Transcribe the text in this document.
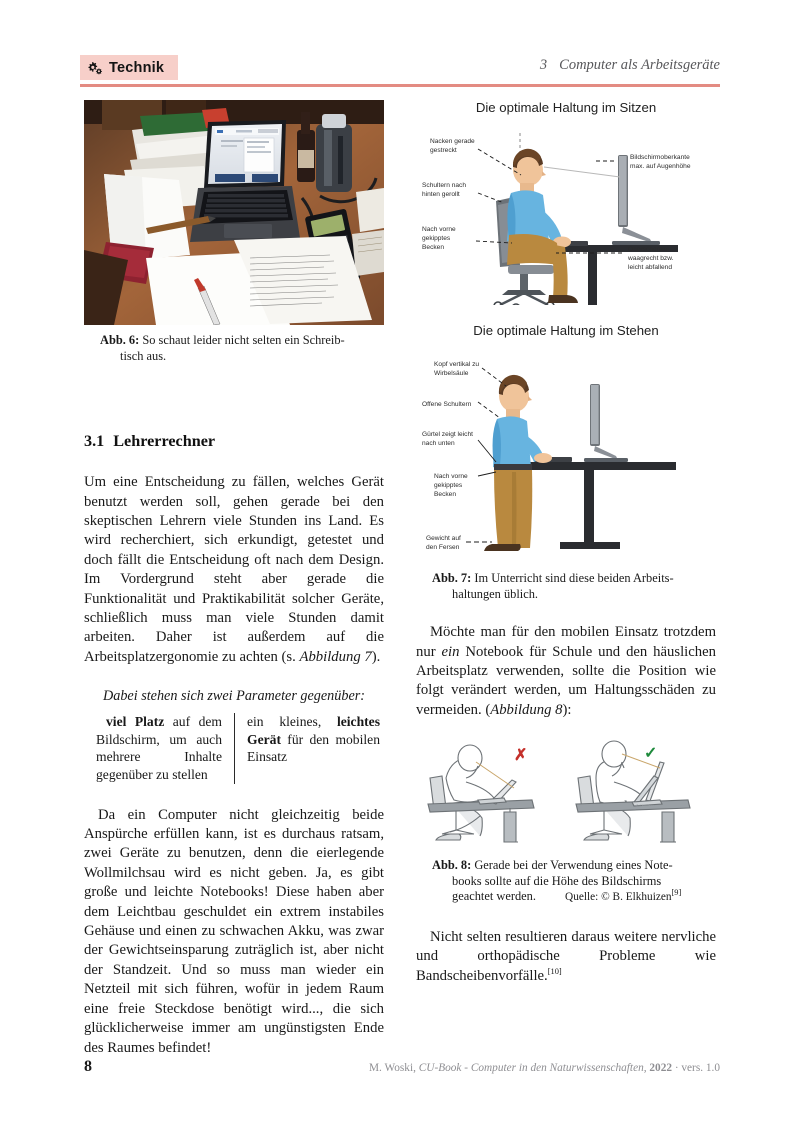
Technik	3 Computer als Arbeitsgeräte
Abb. 6: So schaut leider nicht selten ein Schreib-
tisch aus.
3.1 Lehrerrechner

Um eine Entscheidung zu fällen, welches Gerät benutzt werden soll, gehen gerade bei den skeptischen Lehrern viele Stunden ins Land. Es wird recherchiert, sich erkundigt, getestet und doch fällt die Entscheidung oft nach dem Design. Im Vordergrund steht aber gerade die Funktionalität und Praktikabilität solcher Geräte, schließlich muss man viele Stunden damit arbeiten. Daher ist außerdem auf die Arbeitsplatzergonomie zu achten (s. Abbildung 7).

Dabei stehen sich zwei Parameter gegenüber:
viel Platz auf dem Bildschirm, um auch mehrere Inhalte gegenüber zu stellen
ein kleines, leichtes Gerät für den mobilen Einsatz

Da ein Computer nicht gleichzeitig beide Anspürche erfüllen kann, ist es durchaus ratsam, zwei Geräte zu benutzen, denn die eierlegende Wollmilchsau wird es nicht geben. Ja, es gibt große und leichte Notebooks! Diese haben aber dem Leichtbau geschuldet ein extrem instabiles Gehäuse und einen zu schwachen Akku, was zwar der Gewichtseinsparung zuträglich ist, aber nicht der Standzeit. Und so muss man wieder ein Netzteil mit sich führen, wofür in jedem Raum eine freie Steckdose benötigt wird..., die sich glücklicherweise immer am ungünstigsten Ende des Raumes befindet!

Die optimale Haltung im Sitzen
Nacken gerade gestreckt
Schultern nach hinten gerollt
Nach vorne gekipptes Becken
Bildschirmoberkante max. auf Augenhöhe
Oberschenkel waagrecht bzw. leicht abfallend
Die optimale Haltung im Stehen
Kopf vertikal zu Wirbelsäule
Offene Schultern
Gürtel zeigt leicht nach unten
Nach vorne gekipptes Becken
Gewicht auf den Fersen
Abb. 7: Im Unterricht sind diese beiden Arbeits-
haltungen üblich.

Möchte man für den mobilen Einsatz trotzdem nur ein Notebook für Schule und den häuslichen Arbeitsplatz verwenden, sollte die Position wie folgt verändert werden, um Haltungsschäden zu vermeiden. (Abbildung 8):

✗
© Elkhuizen
✓
© Elkhuizen
Abb. 8: Gerade bei der Verwendung eines Note-
books sollte auf die Höhe des Bildschirms
geachtet werden.	Quelle: © B. Elkhuizen[9]

Nicht selten resultieren daraus weitere nervliche und orthopädische Probleme wie Bandscheibenvorfälle.[10]

8	M. Woski, CU-Book - Computer in den Naturwissenschaften, 2022 · vers. 1.0
